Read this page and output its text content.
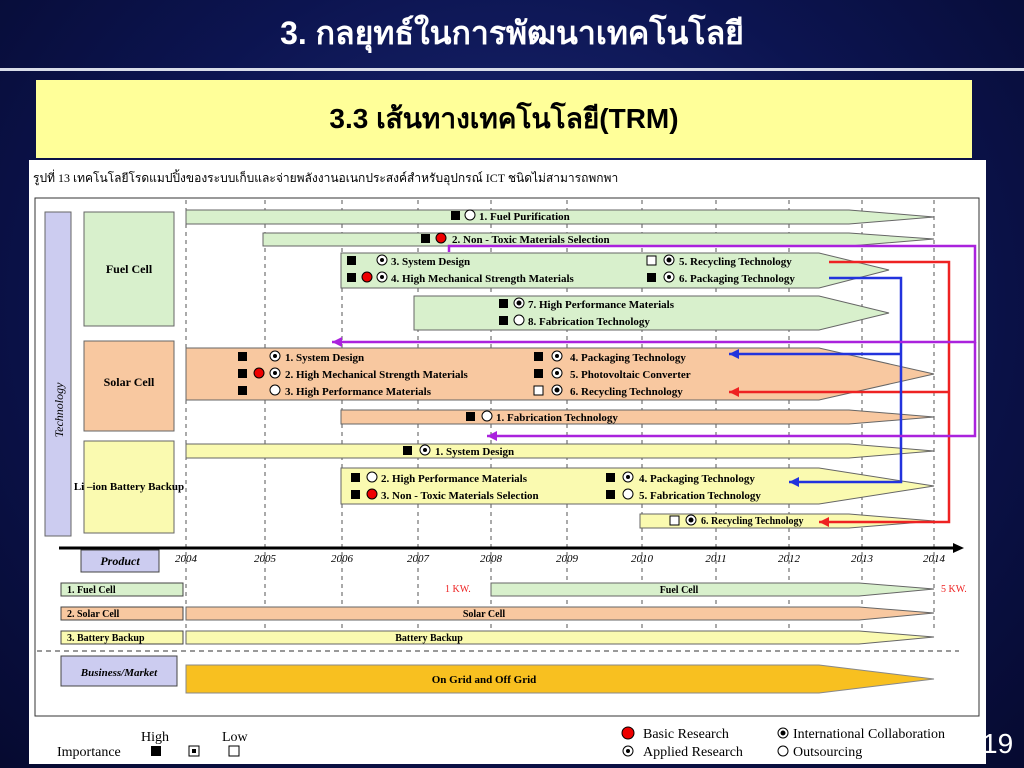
3. กลยุทธ์ในการพัฒนาเทคโนโลยี
3.3 เส้นทางเทคโนโลยี(TRM)
รูปที่ 13 เทคโนโลยีโรดแมปปิ้งของระบบเก็บและจ่ายพลังงานอเนกประสงค์สำหรับอุปกรณ์ ICT ชนิดไม่สามารถพกพา
Technology
Fuel Cell
Solar Cell
Li –ion Battery Backup
1. Fuel Purification
2. Non - Toxic Materials Selection
3. System Design
4. High Mechanical Strength Materials
5. Recycling Technology
6. Packaging Technology
7. High Performance Materials
8. Fabrication Technology
1. System Design
2. High Mechanical Strength Materials
3. High Performance Materials
4. Packaging Technology
5. Photovoltaic Converter
6. Recycling Technology
1. Fabrication Technology
1. System Design
2. High Performance Materials
3. Non - Toxic Materials Selection
4. Packaging Technology
5. Fabrication Technology
6. Recycling Technology
Product	2004	2005	2006	2007	2008	2009	2010	2011	2012	2013	2014
1. Fuel Cell	1 KW.	Fuel Cell	5 KW.
2. Solar Cell	Solar Cell
3. Battery Backup	Battery Backup
Business/Market
On Grid and Off Grid
High	Low
Importance
Basic Research
Applied Research
International Collaboration
Outsourcing	19
